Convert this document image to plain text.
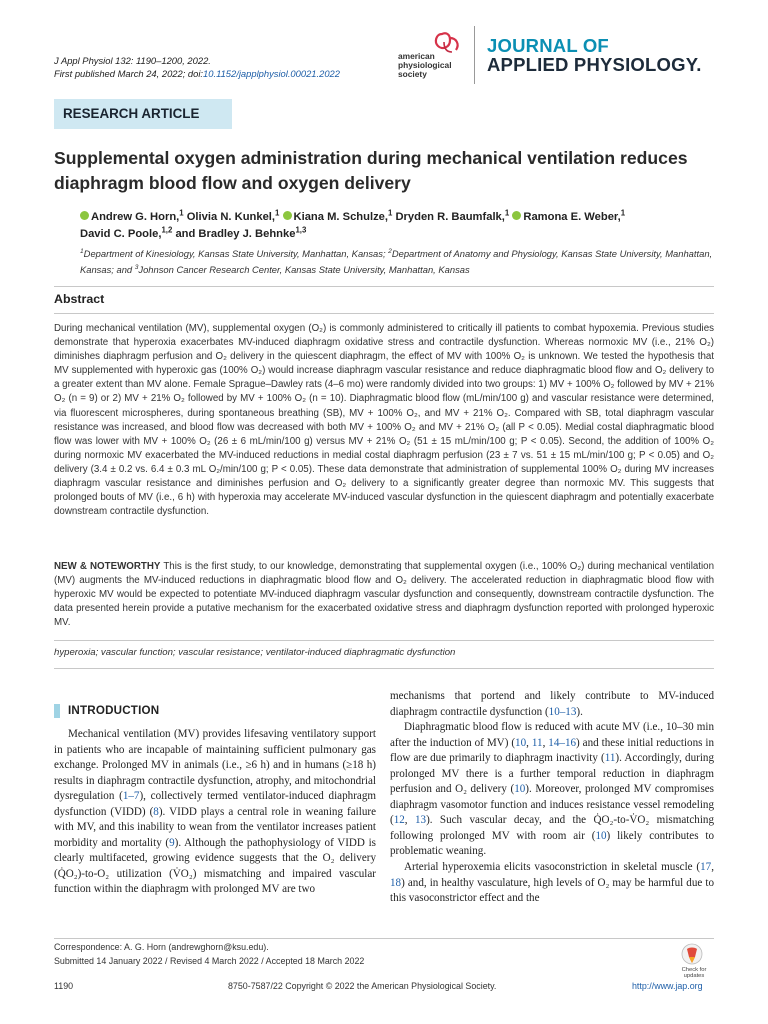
J Appl Physiol 132: 1190–1200, 2022.
First published March 24, 2022; doi:10.1152/japplphysiol.00021.2022
american
physiological
society
JOURNAL OF
APPLIED PHYSIOLOGY.
RESEARCH ARTICLE
Supplemental oxygen administration during mechanical ventilation reduces diaphragm blood flow and oxygen delivery
Andrew G. Horn,$^1$ Olivia N. Kunkel,$^1$ Kiana M. Schulze,$^1$ Dryden R. Baumfalk,$^1$ Ramona E. Weber,$^1$
David C. Poole,$^{1,2}$ and Bradley J. Behnke$^{1,3}$
$^1$Department of Kinesiology, Kansas State University, Manhattan, Kansas; $^2$Department of Anatomy and Physiology, Kansas State University, Manhattan, Kansas; and $^3$Johnson Cancer Research Center, Kansas State University, Manhattan, Kansas
Abstract
During mechanical ventilation (MV), supplemental oxygen (O₂) is commonly administered to critically ill patients to combat hypoxemia. Previous studies demonstrate that hyperoxia exacerbates MV-induced diaphragm oxidative stress and contractile dysfunction. Whereas normoxic MV (i.e., 21% O₂) diminishes diaphragm perfusion and O₂ delivery in the quiescent diaphragm, the effect of MV with 100% O₂ is unknown. We tested the hypothesis that MV supplemented with hyperoxic gas (100% O₂) would increase diaphragm vascular resistance and reduce diaphragmatic blood flow and O₂ delivery to a greater extent than MV alone. Female Sprague–Dawley rats (4–6 mo) were randomly divided into two groups: 1) MV + 100% O₂ followed by MV + 21% O₂ (n = 9) or 2) MV + 21% O₂ followed by MV + 100% O₂ (n = 10). Diaphragmatic blood flow (mL/min/100 g) and vascular resistance were determined, via fluorescent microspheres, during spontaneous breathing (SB), MV + 100% O₂, and MV + 21% O₂. Compared with SB, total diaphragm vascular resistance was increased, and blood flow was decreased with both MV + 100% O₂ and MV + 21% O₂ (all P < 0.05). Medial costal diaphragmatic blood flow was lower with MV + 100% O₂ (26 ± 6 mL/min/100 g) versus MV + 21% O₂ (51 ± 15 mL/min/100 g; P < 0.05). Second, the addition of 100% O₂ during normoxic MV exacerbated the MV-induced reductions in medial costal diaphragm perfusion (23 ± 7 vs. 51 ± 15 mL/min/100 g; P < 0.05) and O₂ delivery (3.4 ± 0.2 vs. 6.4 ± 0.3 mL O₂/min/100 g; P < 0.05). These data demonstrate that administration of supplemental 100% O₂ during MV increases diaphragm vascular resistance and diminishes perfusion and O₂ delivery to a significantly greater degree than normoxic MV. This suggests that prolonged bouts of MV (i.e., 6 h) with hyperoxia may accelerate MV-induced vascular dysfunction in the quiescent diaphragm and potentially exacerbate downstream contractile dysfunction.
NEW & NOTEWORTHY This is the first study, to our knowledge, demonstrating that supplemental oxygen (i.e., 100% O₂) during mechanical ventilation (MV) augments the MV-induced reductions in diaphragmatic blood flow and O₂ delivery. The accelerated reduction in diaphragmatic blood flow with hyperoxic MV would be expected to potentiate MV-induced diaphragm vascular dysfunction and consequently, downstream contractile dysfunction. The data presented herein provide a putative mechanism for the exacerbated oxidative stress and diaphragm dysfunction reported with prolonged hyperoxic MV.
hyperoxia; vascular function; vascular resistance; ventilator-induced diaphragmatic dysfunction
INTRODUCTION

Mechanical ventilation (MV) provides lifesaving ventilatory support in patients who are incapable of maintaining sufficient pulmonary gas exchange. Prolonged MV in animals (i.e., ≥6 h) and in humans (≥18 h) results in diaphragm contractile dysfunction, atrophy, and mitochondrial dysregulation (1–7), collectively termed ventilator-induced diaphragm dysfunction (VIDD) (8). VIDD plays a central role in weaning failure with MV, and this inability to wean from the ventilator increases patient morbidity and mortality (9). Although the pathophysiology of VIDD is clearly multifaceted, growing evidence suggests that the O₂ delivery (Q̇O₂)-to-O₂ utilization (V̇O₂) mismatching and impaired vascular function within the diaphragm with prolonged MV are two

mechanisms that portend and likely contribute to MV-induced diaphragm contractile dysfunction (10–13).

Diaphragmatic blood flow is reduced with acute MV (i.e., 10–30 min after the induction of MV) (10, 11, 14–16) and these initial reductions in flow are due primarily to diaphragm inactivity (11). Accordingly, during prolonged MV there is a further temporal reduction in diaphragm perfusion and O₂ delivery (10). Moreover, prolonged MV compromises diaphragm vasomotor function and induces resistance vessel remodeling (12, 13). Such vascular decay, and the Q̇O₂-to-V̇O₂ mismatching following prolonged MV with room air (10) likely contributes to problematic weaning.

Arterial hyperoxemia elicits vasoconstriction in skeletal muscle (17, 18) and, in healthy vasculature, high levels of O₂ may be harmful due to this vasoconstrictor effect and the

Correspondence: A. G. Horn (andrewghorn@ksu.edu).
Submitted 14 January 2022 / Revised 4 March 2022 / Accepted 18 March 2022
Check for updates
1190	8750-7587/22 Copyright © 2022 the American Physiological Society.	http://www.jap.org
